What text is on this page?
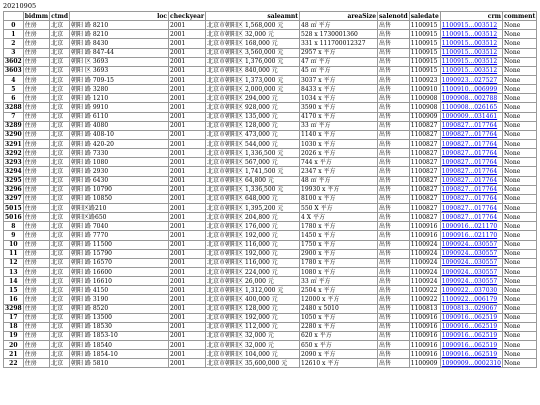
20210905
	bidmm	ctmd	loc	checkyear	saleamnt	areaSize	salenotd	saledate	crm	comment
0	住房	北京	朝阳 路 8210	2001	北京市朝阳区 1,568,000 元	48 ㎡ 平方	出售	1100915	1100915...003512	None
1	住房	北京	朝阳 路 8210	2001	北京市朝阳区 32,000 元	528 x 1730001360	出售	1100915	1100915...003512	None
2	住房	北京	朝阳 路 8430	2001	北京市朝阳区 168,000 元	331 x 111700012327	出售	1100915	1100915...003512	None
3	住房	北京	朝阳 路 847-44	2001	北京市朝阳区 3,560,000 元	2957 x 平方	出售	1100915	1100915...003512	None
3602	住房	北京	朝阳 区 3693	2001	北京市朝阳区 1,376,000 元	47 ㎡ 平方	出售	1100915	1100915...003512	None
3603	住房	北京	朝阳 区 3693	2001	北京市朝阳区 840,000 元	45 ㎡ 平方	出售	1100915	1100915...003512	None
4	住房	北京	朝阳 路 709-15	2001	北京市朝阳区 1,373,000 元	3037 x 平方	出售	1100923	1090923...027527	None
5	住房	北京	朝阳 路 3280	2001	北京市朝阳区 2,000,000 元	8433 x 平方	出售	1100910	1100910...006999	None
6	住房	北京	朝阳 路 1210	2001	北京市朝阳区 294,000 元	1034 x 平方	出售	1100908	1090908...002788	None
3288	住房	北京	朝阳 路 9910	2001	北京市朝阳区 928,000 元	3590 x 平方	出售	1100908	1100908...026165	None
7	住房	北京	朝阳 路 6110	2001	北京市朝阳区 135,000 元	4170 x 平方	出售	1100909	1090909...031461	None
3289	住房	北京	朝阳 路 4080	2001	北京市朝阳区 128,000 元	33 ㎡ 平方	出售	1100827	1090827...017764	None
3290	住房	北京	朝阳 路 408-10	2001	北京市朝阳区 473,000 元	1140 x 平方	出售	1100827	1090827...017764	None
3291	住房	北京	朝阳 路 420-20	2001	北京市朝阳区 544,000 元	1030 x 平方	出售	1100827	1090827...017764	None
3292	住房	北京	朝阳 路 7330	2001	北京市朝阳区 1,336,500 元	2026 x 平方	出售	1100827	1090827...017764	None
3293	住房	北京	朝阳 路 1080	2001	北京市朝阳区 567,000 元	744 x 平方	出售	1100827	1090827...017764	None
3294	住房	北京	朝阳 路 2930	2001	北京市朝阳区 1,741,500 元	2347 x 平方	出售	1100827	1090827...017764	None
3295	住房	北京	朝阳 路 6430	2001	北京市朝阳区 64,800 元	48 ㎡ 平方	出售	1100827	1090827...017764	None
3296	住房	北京	朝阳 路 10790	2001	北京市朝阳区 1,336,500 元	19930 x 平方	出售	1100827	1090827...017764	None
3297	住房	北京	朝阳 路 10850	2001	北京市朝阳区 648,000 元	8100 x 平方	出售	1100827	1090827...017764	None
5015	住房	北京	朝阳区路210	2001	北京市朝阳区 1,395,200 元	550 X 平方	出售	1100827	1090827...017764	None
5016	住房	北京	朝阳区路650	2001	北京市朝阳区 204,800 元	4 X 平方	出售	1100827	1090827...017764	None
8	住房	北京	朝阳 路 7040	2001	北京市朝阳区 176,000 元	1780 x 平方	出售	1100916	1090916...021170	None
9	住房	北京	朝阳 路 7770	2001	北京市朝阳区 192,000 元	1450 x 平方	出售	1100916	1090916...021170	None
10	住房	北京	朝阳 路 11500	2001	北京市朝阳区 116,000 元	1750 x 平方	出售	1100924	1090924...030557	None
11	住房	北京	朝阳 路 15790	2001	北京市朝阳区 192,000 元	2900 x 平方	出售	1100924	1090924...030557	None
12	住房	北京	朝阳 路 16570	2001	北京市朝阳区 116,000 元	1780 x 平方	出售	1100924	1090924...030557	None
13	住房	北京	朝阳 路 16600	2001	北京市朝阳区 224,000 元	1080 x 平方	出售	1100924	1090924...030557	None
14	住房	北京	朝阳 路 16610	2001	北京市朝阳区 26,000 元	33 ㎡ 平方	出售	1100924	1090924...030557	None
15	住房	北京	朝阳 路 4150	2001	北京市朝阳区 1,312,000 元	2504 x 平方	出售	1100922	1090922...037030	None
16	住房	北京	朝阳 路 3190	2001	北京市朝阳区 400,000 元	12000 x 平方	出售	1100922	1100922...006179	None
3298	住房	北京	朝阳 路 8520	2001	北京市朝阳区 128,000 元	2480 x 5010	出售	1100813	1090813...029067	None
17	住房	北京	朝阳 路 13500	2001	北京市朝阳区 192,000 元	1050 x 平方	出售	1100916	1090916...062519	None
18	住房	北京	朝阳 路 18530	2001	北京市朝阳区 112,000 元	2280 x 平方	出售	1100916	1090916...062519	None
19	住房	北京	朝阳 路 1853-10	2001	北京市朝阳区 32,000 元	620 x 平方	出售	1100916	1090916...062519	None
20	住房	北京	朝阳 路 18540	2001	北京市朝阳区 32,000 元	650 x 平方	出售	1100916	1090916...062519	None
21	住房	北京	朝阳 路 1854-10	2001	北京市朝阳区 104,000 元	2090 x 平方	出售	1100916	1090916...062519	None
22	住房	北京	朝阳 路 5810	2001	北京市朝阳区 35,600,000 元	12610 x 平方	出售	1100909	1090909...0002310	None
